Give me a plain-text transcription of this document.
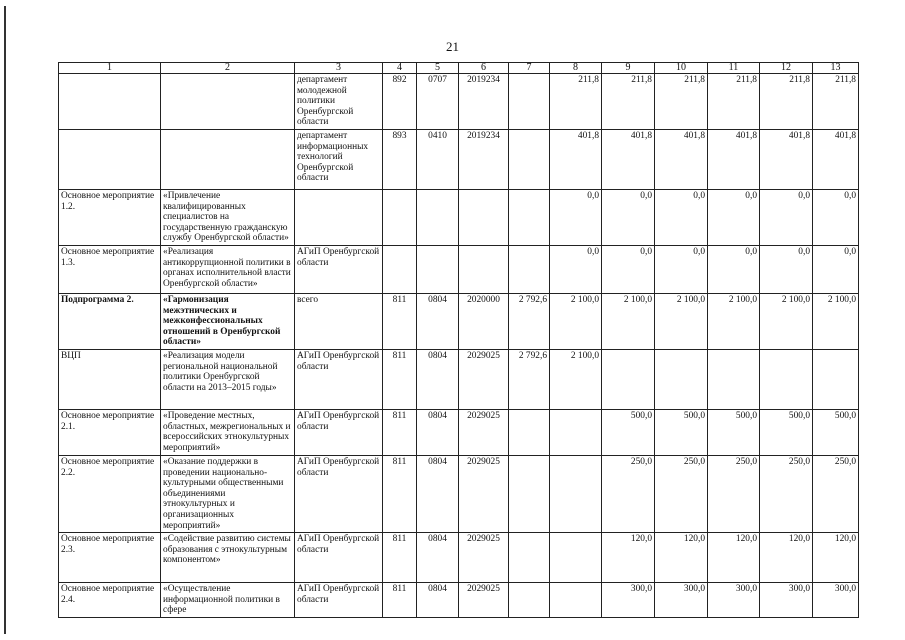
21
1	2	3	4	5	6	7	8	9	10	11	12	13
		департамент молодежной политики Оренбургской области	892	0707	2019234		211,8	211,8	211,8	211,8	211,8	211,8
		департамент информационных технологий Оренбургской области	893	0410	2019234		401,8	401,8	401,8	401,8	401,8	401,8
Основное мероприятие 1.2.	«Привлечение квалифицированных специалистов на государственную гражданскую службу Оренбургской области»						0,0	0,0	0,0	0,0	0,0	0,0
Основное мероприятие 1.3.	«Реализация антикоррупционной политики в органах исполнительной власти Оренбургской области»	АГиП Оренбургской области					0,0	0,0	0,0	0,0	0,0	0,0
Подпрограмма 2.	«Гармонизация межэтнических и межконфессиональных отношений в Оренбургской области»	всего	811	0804	2020000	2 792,6	2 100,0	2 100,0	2 100,0	2 100,0	2 100,0	2 100,0
ВЦП	«Реализация модели региональной национальной политики Оренбургской области на 2013–2015 годы»	АГиП Оренбургской области	811	0804	2029025	2 792,6	2 100,0					
Основное мероприятие 2.1.	«Проведение местных, областных, межрегиональных и всероссийских этнокультурных мероприятий»	АГиП Оренбургской области	811	0804	2029025			500,0	500,0	500,0	500,0	500,0
Основное мероприятие 2.2.	«Оказание поддержки в проведении национально-культурными общественными объединениями этнокультурных и организационных мероприятий»	АГиП Оренбургской области	811	0804	2029025			250,0	250,0	250,0	250,0	250,0
Основное мероприятие 2.3.	«Содействие развитию системы образования с этнокультурным компонентом»	АГиП Оренбургской области	811	0804	2029025			120,0	120,0	120,0	120,0	120,0
Основное мероприятие 2.4.	«Осуществление информационной политики в сфере	АГиП Оренбургской области	811	0804	2029025			300,0	300,0	300,0	300,0	300,0
